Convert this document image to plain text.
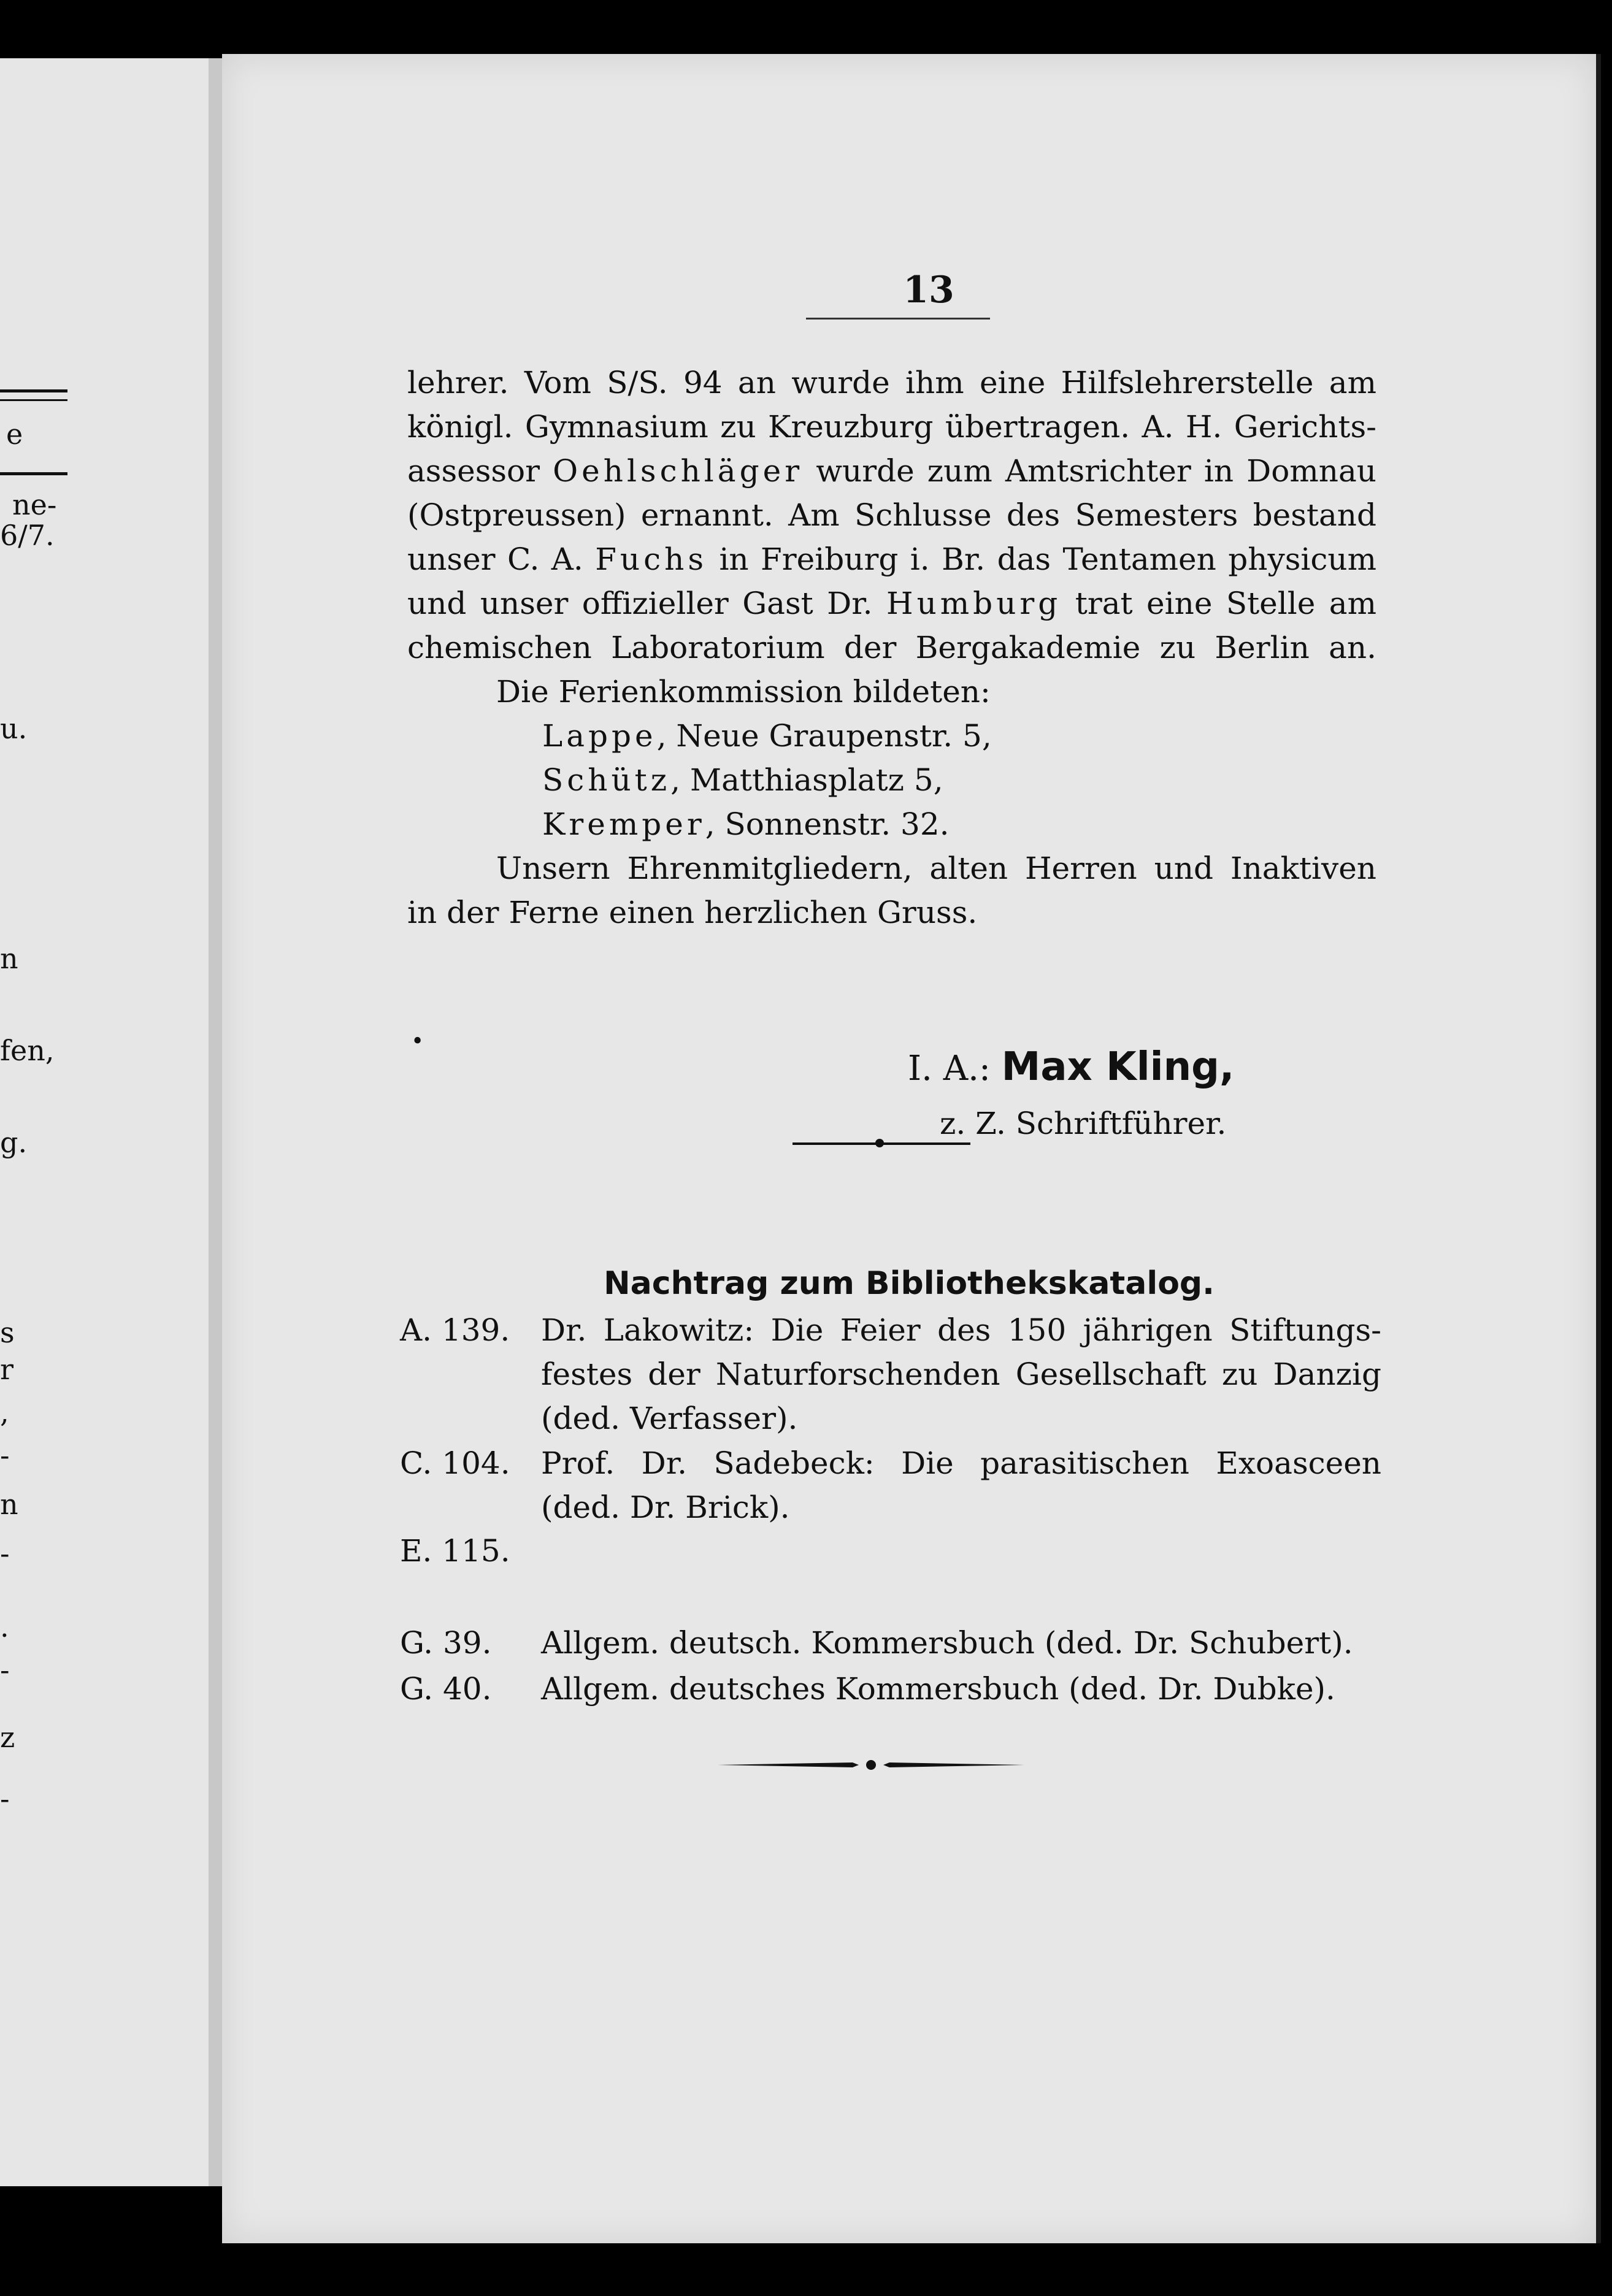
e
ne-
6/7.
u.
n
fen,
g.
s
r
,
-
n
-
.
-
z
-
13
lehrer. Vom S/S. 94 an wurde ihm eine Hilfslehrerstelle am
königl. Gymnasium zu Kreuzburg übertragen. A. H. Gerichts-
assessor Oehlschläger wurde zum Amtsrichter in Domnau
(Ostpreussen) ernannt. Am Schlusse des Semesters bestand
unser C. A. Fuchs in Freiburg i. Br. das Tentamen physicum
und unser offizieller Gast Dr. Humburg trat eine Stelle am
chemischen Laboratorium der Bergakademie zu Berlin an.
Die Ferienkommission bildeten:
Lappe, Neue Graupenstr. 5,
Schütz, Matthiasplatz 5,
Kremper, Sonnenstr. 32.
Unsern Ehrenmitgliedern, alten Herren und Inaktiven
in der Ferne einen herzlichen Gruss.
•
I. A.: Max Kling,
z. Z. Schriftführer.
Nachtrag zum Bibliothekskatalog.
A. 139.	Dr. Lakowitz: Die Feier des 150 jährigen Stiftungs-
festes der Naturforschenden Gesellschaft zu Danzig
(ded. Verfasser).
C. 104.	Prof. Dr. Sadebeck: Die parasitischen Exoasceen
(ded. Dr. Brick).
E. 115.
G. 39.	Allgem. deutsch. Kommersbuch (ded. Dr. Schubert).
G. 40.	Allgem. deutsches Kommersbuch (ded. Dr. Dubke).
